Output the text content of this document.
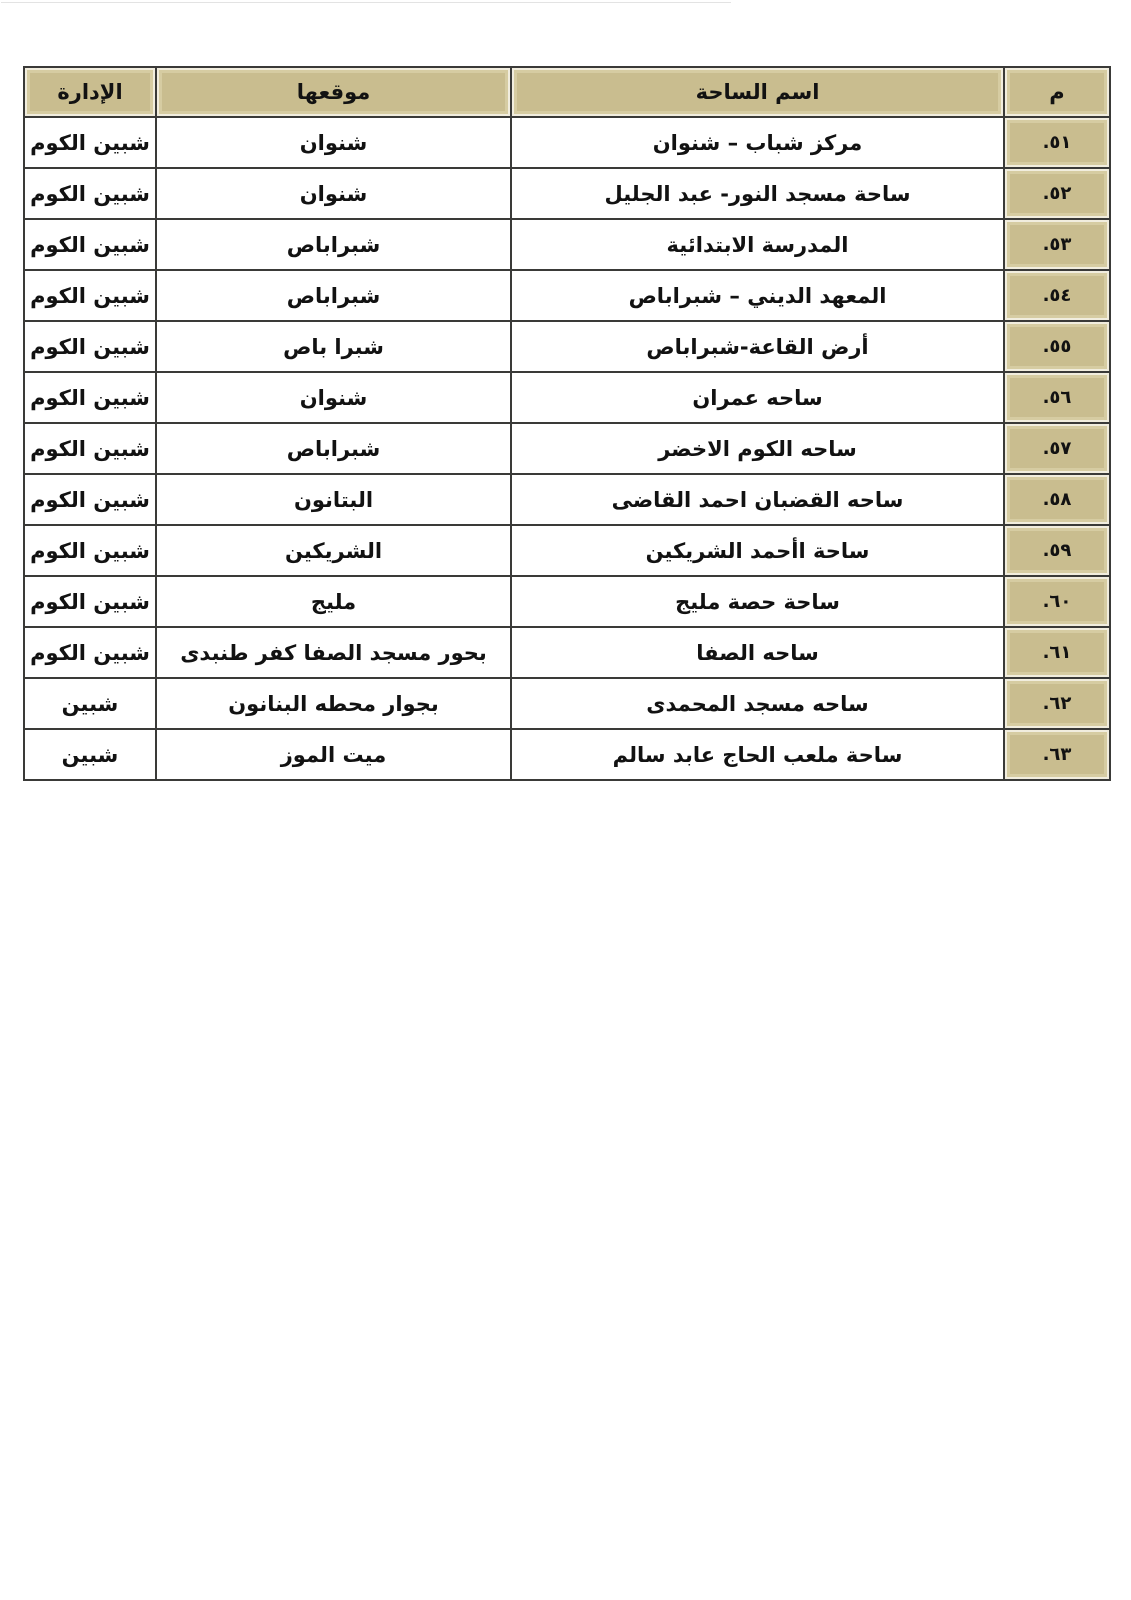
م	اسم الساحة	موقعها	الإدارة
٥١.	مركز شباب – شنوان	شنوان	شبين الكوم
٥٢.	ساحة مسجد النور- عبد الجليل	شنوان	شبين الكوم
٥٣.	المدرسة الابتدائية	شبراباص	شبين الكوم
٥٤.	المعهد الديني – شبراباص	شبراباص	شبين الكوم
٥٥.	أرض القاعة-شبراباص	شبرا باص	شبين الكوم
٥٦.	ساحه عمران	شنوان	شبين الكوم
٥٧.	ساحه الكوم الاخضر	شبراباص	شبين الكوم
٥٨.	ساحه القضبان احمد القاضى	البتانون	شبين الكوم
٥٩.	ساحة اأحمد الشريكين	الشريكين	شبين الكوم
٦٠.	ساحة حصة مليج	مليج	شبين الكوم
٦١.	ساحه الصفا	بحور مسجد الصفا كفر طنبدى	شبين الكوم
٦٢.	ساحه مسجد المحمدى	بجوار محطه البنانون	شبين
٦٣.	ساحة ملعب الحاج عابد سالم	ميت الموز	شبين
